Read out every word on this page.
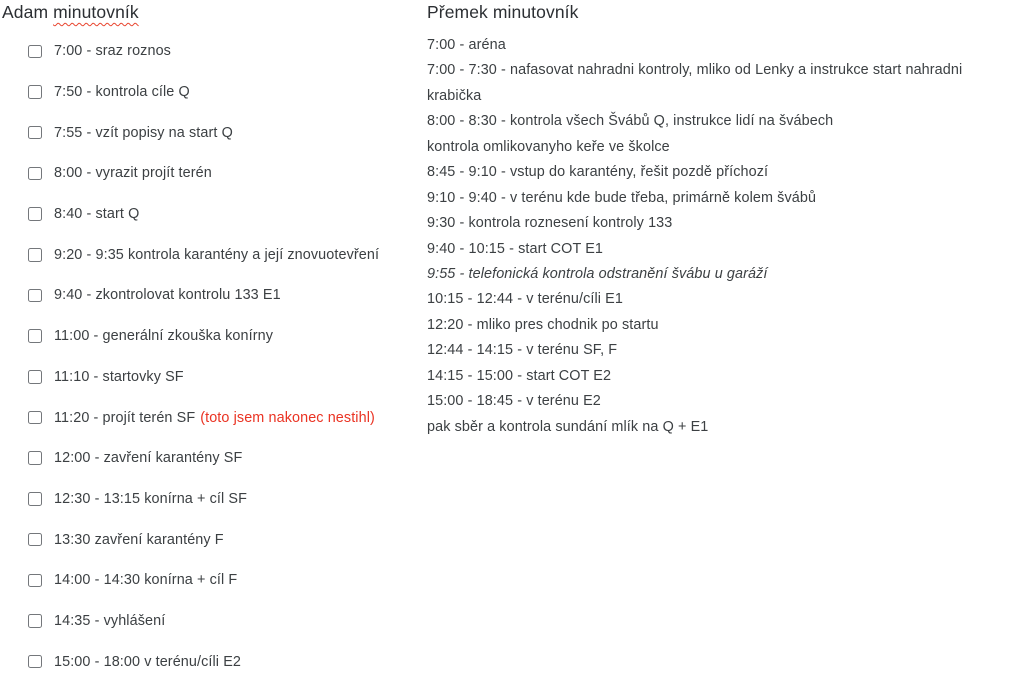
Adam minutovník	Přemek minutovník
7:00 - sraz roznos
7:50 - kontrola cíle Q
7:55 - vzít popisy na start Q
8:00 - vyrazit projít terén
8:40 - start Q
9:20 - 9:35 kontrola karantény a její znovuotevření
9:40 - zkontrolovat kontrolu 133 E1
11:00 - generální zkouška konírny
11:10 - startovky SF
11:20 - projít terén SF (toto jsem nakonec nestihl)
12:00 - zavření karantény SF
12:30 - 13:15 konírna + cíl SF
13:30 zavření karantény F
14:00 - 14:30 konírna + cíl F
14:35 - vyhlášení
15:00 - 18:00 v terénu/cíli E2
7:00 - aréna
7:00 - 7:30 - nafasovat nahradni kontroly, mliko od Lenky a instrukce start nahradni
krabička
8:00 - 8:30 - kontrola všech Švábů Q, instrukce lidí na švábech
kontrola omlikovanyho keře ve školce
8:45 - 9:10 - vstup do karantény, řešit pozdě příchozí
9:10 - 9:40 - v terénu kde bude třeba, primárně kolem švábů
9:30 - kontrola roznesení kontroly 133
9:40 - 10:15 - start COT E1
9:55 - telefonická kontrola odstranění švábu u garáží
10:15 - 12:44 - v terénu/cíli E1
12:20 - mliko pres chodnik po startu
12:44 - 14:15 - v terénu SF, F
14:15 - 15:00 - start COT E2
15:00 - 18:45 - v terénu E2
pak sběr a kontrola sundání mlík na Q + E1
